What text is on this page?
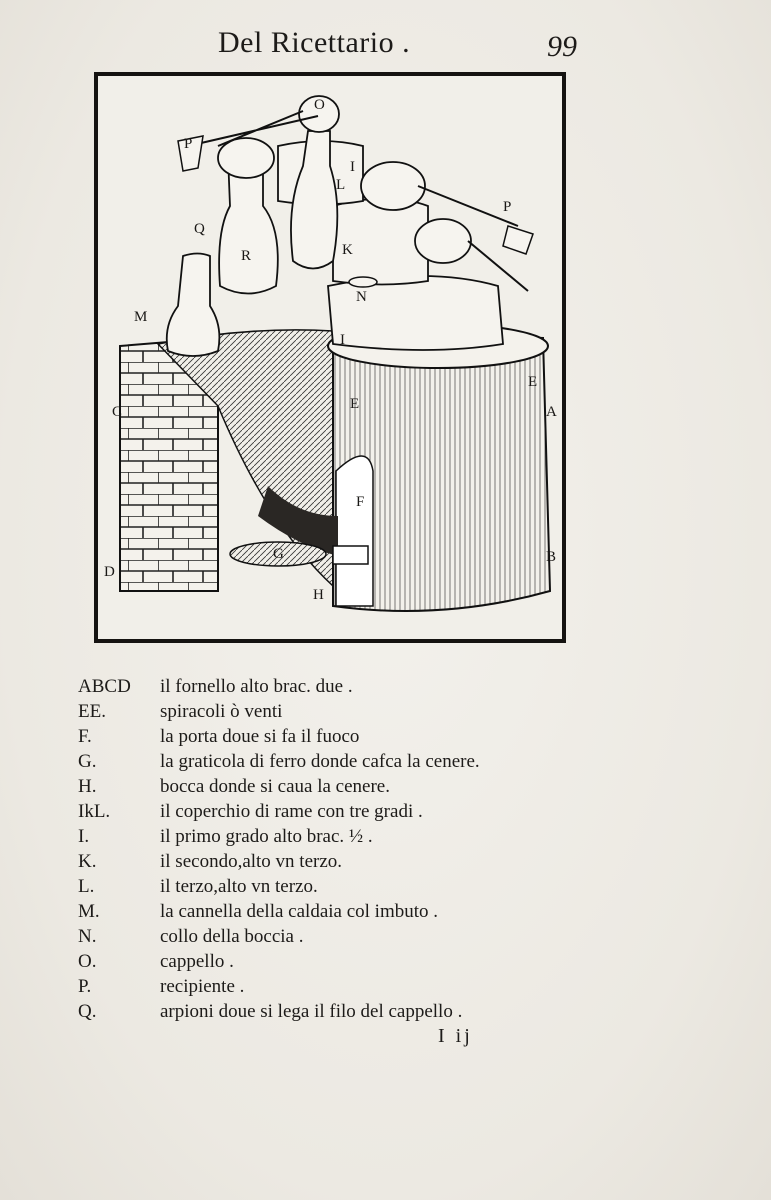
Del Ricettario .	99
A
B
C
D
E
E
F
G
H
I
I
K
L
M
N
O
P
P
Q
R
ABCD il fornello alto brac. due .
EE.	spiracoli ò venti
F.	la porta doue si fa il fuoco
G.	la graticola di ferro donde cafca la cenere.
H.	bocca donde si caua la cenere.
IkL.	il coperchio di rame con tre gradi .
I.	il primo grado alto brac. ½ .
K.	il secondo,alto vn terzo.
L.	il terzo,alto vn terzo.
M.	la cannella della caldaia col imbuto .
N.	collo della boccia .
O.	cappello .
P.	recipiente .
Q.	arpioni doue si lega il filo del cappello .
I ij
